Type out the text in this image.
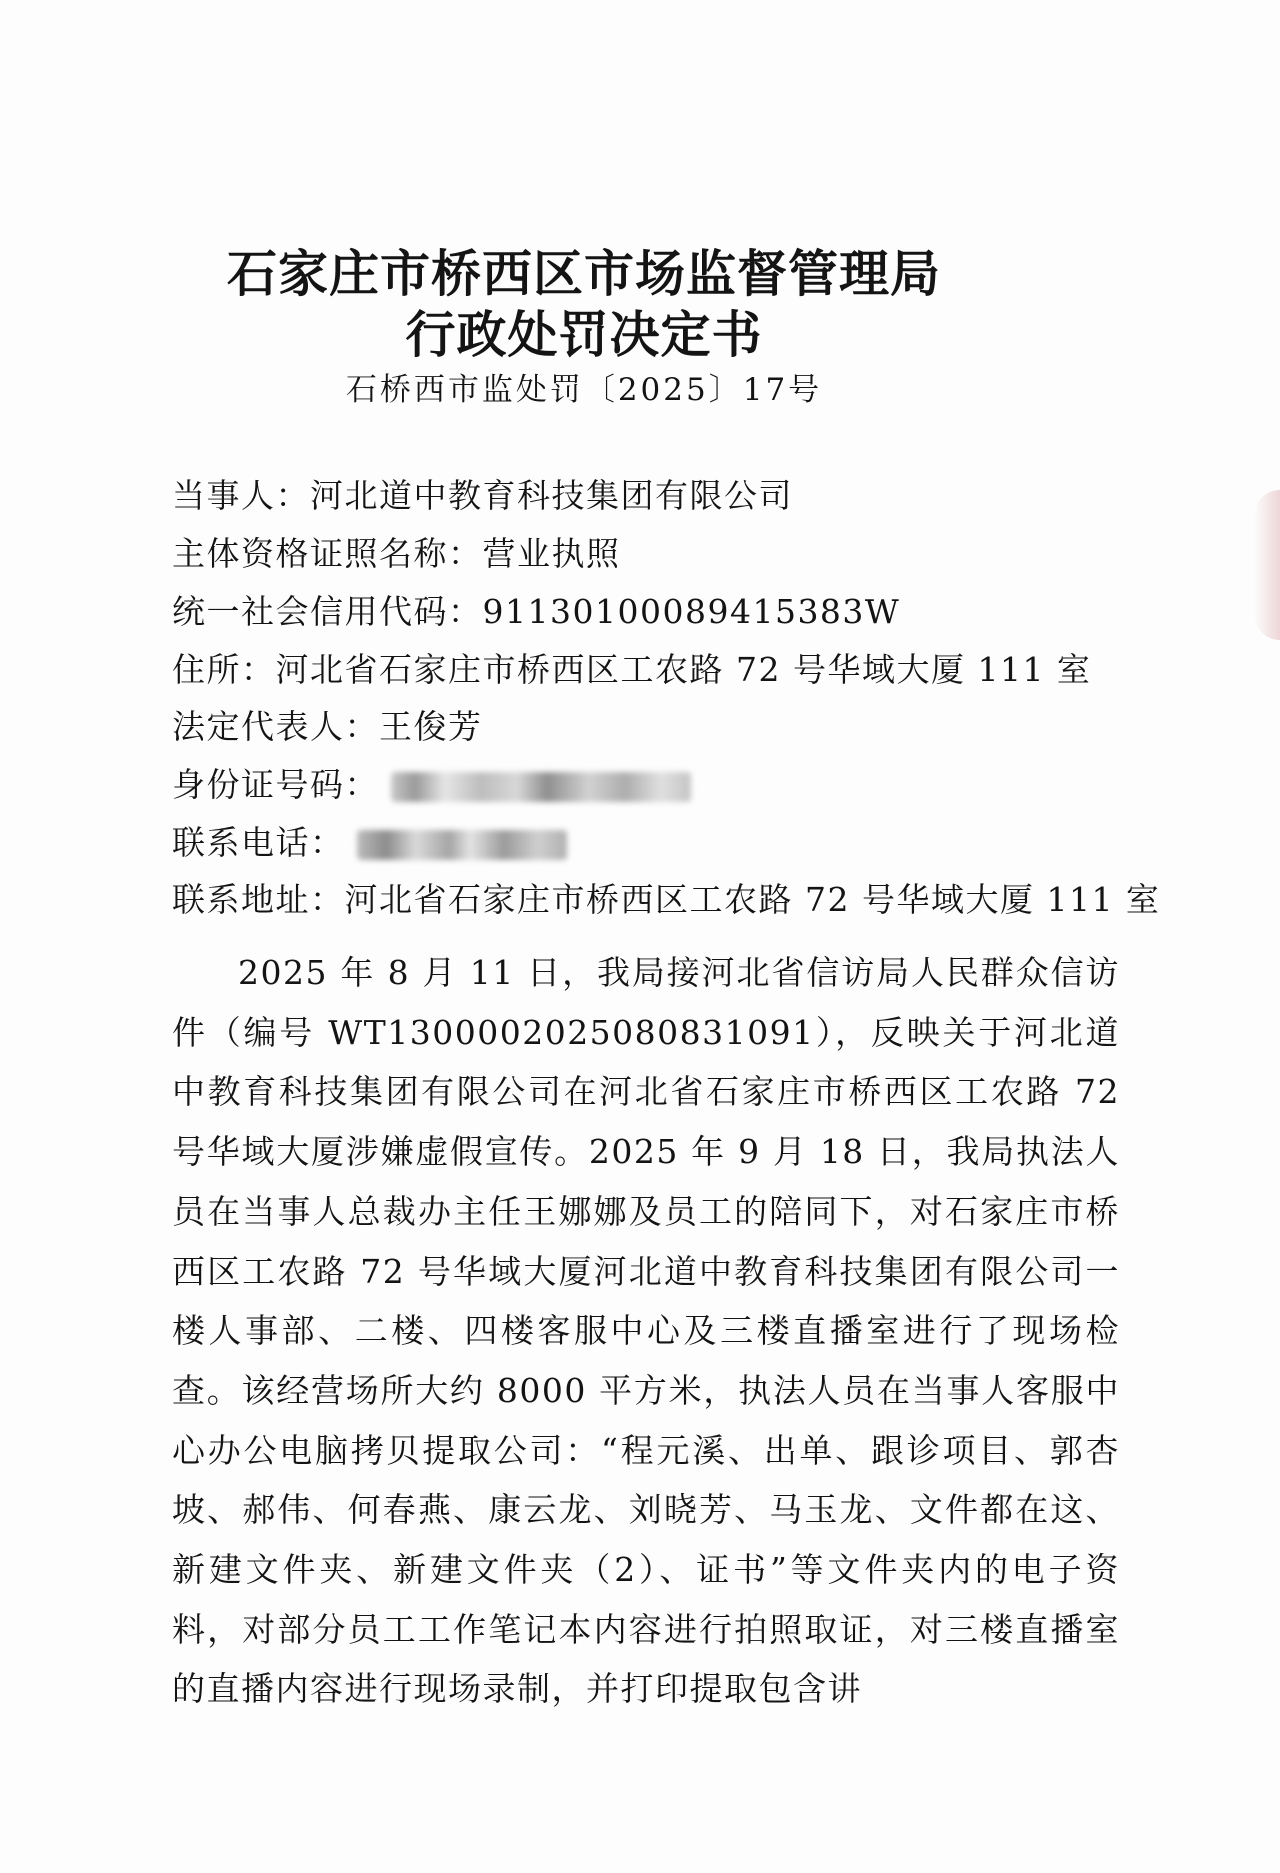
石家庄市桥西区市场监督管理局
行政处罚决定书
石桥西市监处罚〔2025〕17号
当事人：河北道中教育科技集团有限公司
主体资格证照名称：营业执照
统一社会信用代码：91130100089415383W
住所：河北省石家庄市桥西区工农路 72 号华域大厦 111 室
法定代表人：王俊芳
身份证号码：
联系电话：
联系地址：河北省石家庄市桥西区工农路 72 号华域大厦 111 室
2025 年 8 月 11 日，我局接河北省信访局人民群众信访件（编号 WT1300002025080831091），反映关于河北道中教育科技集团有限公司在河北省石家庄市桥西区工农路 72 号华域大厦涉嫌虚假宣传。2025 年 9 月 18 日，我局执法人员在当事人总裁办主任王娜娜及员工的陪同下，对石家庄市桥西区工农路 72 号华域大厦河北道中教育科技集团有限公司一楼人事部、二楼、四楼客服中心及三楼直播室进行了现场检查。该经营场所大约 8000 平方米，执法人员在当事人客服中心办公电脑拷贝提取公司：“程元溪、出单、跟诊项目、郭杏坡、郝伟、何春燕、康云龙、刘晓芳、马玉龙、文件都在这、新建文件夹、新建文件夹（2）、证书”等文件夹内的电子资料，对部分员工工作笔记本内容进行拍照取证，对三楼直播室的直播内容进行现场录制，并打印提取包含讲
